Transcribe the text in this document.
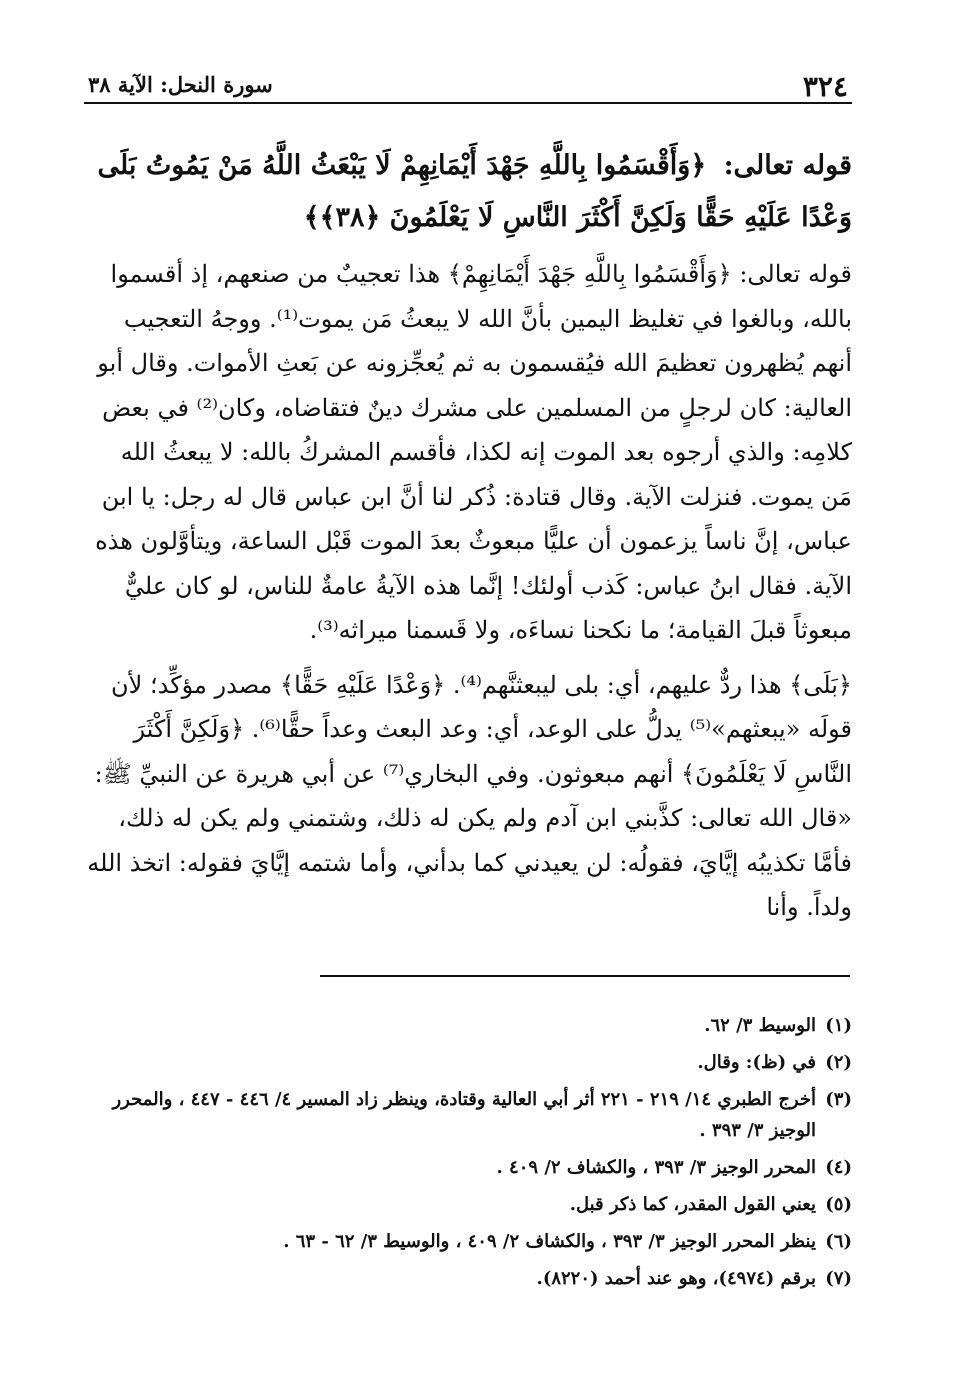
٣٢٤
سورة النحل: الآية ٣٨
قوله تعالى: ﴿وَأَقْسَمُوا بِاللَّهِ جَهْدَ أَيْمَانِهِمْ لَا يَبْعَثُ اللَّهُ مَنْ يَمُوتُ بَلَى وَعْدًا عَلَيْهِ حَقًّا وَلَكِنَّ أَكْثَرَ النَّاسِ لَا يَعْلَمُونَ ﴿٣٨﴾﴾

قوله تعالى: ﴿وَأَقْسَمُوا بِاللَّهِ جَهْدَ أَيْمَانِهِمْ﴾ هذا تعجيبٌ من صنعهم، إذ أقسموا بالله، وبالغوا في تغليظ اليمين بأنَّ الله لا يبعثُ مَن يموت⁽¹⁾. ووجهُ التعجيب أنهم يُظهرون تعظيمَ الله فيُقسمون به ثم يُعجِّزونه عن بَعثِ الأموات. وقال أبو العالية: كان لرجلٍ من المسلمين على مشرك دينٌ فتقاضاه، وكان⁽²⁾ في بعض كلامِه: والذي أرجوه بعد الموت إنه لكذا، فأقسم المشركُ بالله: لا يبعثُ الله مَن يموت. فنزلت الآية. وقال قتادة: ذُكر لنا أنَّ ابن عباس قال له رجل: يا ابن عباس، إنَّ ناساً يزعمون أن عليًّا مبعوثٌ بعدَ الموت قَبْل الساعة، ويتأوَّلون هذه الآية. فقال ابنُ عباس: كَذب أولئك! إنَّما هذه الآيةُ عامةٌ للناس، لو كان عليٌّ مبعوثاً قبلَ القيامة؛ ما نكحنا نساءَه، ولا قَسمنا ميراثه⁽³⁾.

﴿بَلَى﴾ هذا ردٌّ عليهم، أي: بلى ليبعثنَّهم⁽⁴⁾. ﴿وَعْدًا عَلَيْهِ حَقًّا﴾ مصدر مؤكِّد؛ لأن قولَه «يبعثهم»⁽⁵⁾ يدلُّ على الوعد، أي: وعد البعث وعداً حقًّا⁽⁶⁾. ﴿وَلَكِنَّ أَكْثَرَ النَّاسِ لَا يَعْلَمُونَ﴾ أنهم مبعوثون. وفي البخاري⁽⁷⁾ عن أبي هريرة عن النبيِّ ﷺ: «قال الله تعالى: كذَّبني ابن آدم ولم يكن له ذلك، وشتمني ولم يكن له ذلك، فأمَّا تكذيبُه إيَّايَ، فقولُه: لن يعيدني كما بدأني، وأما شتمه إيَّايَ فقوله: اتخذ الله ولداً. وأنا

(١)الوسيط ٣/ ٦٢.
(٢)في (ظ): وقال.
(٣)أخرج الطبري ١٤/ ٢١٩ - ٢٢١ أثر أبي العالية وقتادة، وينظر زاد المسير ٤/ ٤٤٦ - ٤٤٧ ، والمحرر الوجيز ٣/ ٣٩٣ .
(٤)المحرر الوجيز ٣/ ٣٩٣ ، والكشاف ٢/ ٤٠٩ .
(٥)يعني القول المقدر، كما ذكر قبل.
(٦)ينظر المحرر الوجيز ٣/ ٣٩٣ ، والكشاف ٢/ ٤٠٩ ، والوسيط ٣/ ٦٢ - ٦٣ .
(٧)برقم (٤٩٧٤)، وهو عند أحمد (٨٢٢٠).
